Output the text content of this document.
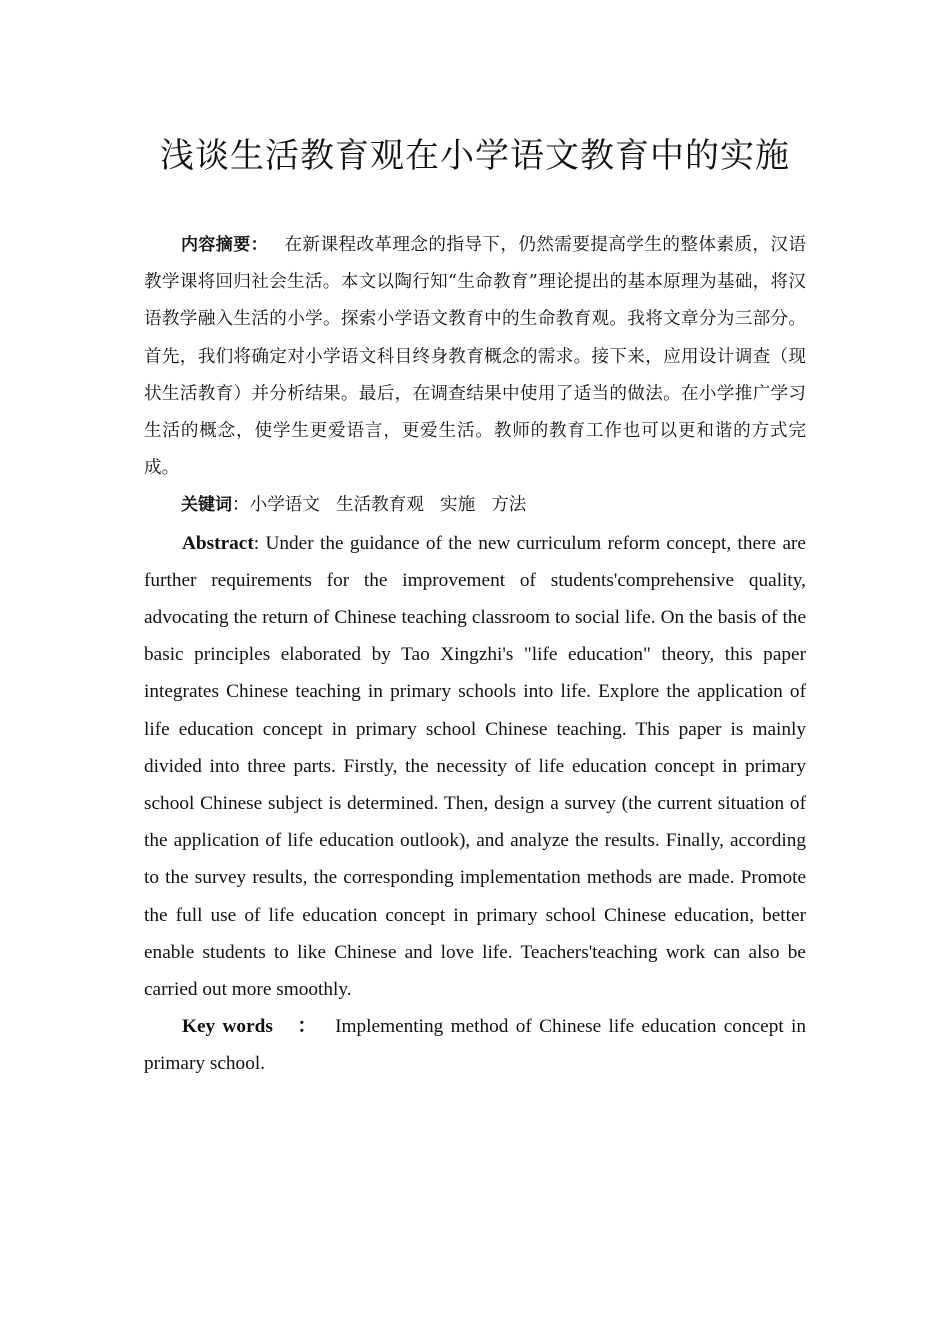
浅谈生活教育观在小学语文教育中的实施

内容摘要： 在新课程改革理念的指导下，仍然需要提高学生的整体素质，汉语教学课将回归社会生活。本文以陶行知“生命教育”理论提出的基本原理为基础，将汉语教学融入生活的小学。探索小学语文教育中的生命教育观。我将文章分为三部分。首先，我们将确定对小学语文科目终身教育概念的需求。接下来，应用设计调查（现状生活教育）并分析结果。最后，在调查结果中使用了适当的做法。在小学推广学习生活的概念，使学生更爱语言，更爱生活。教师的教育工作也可以更和谐的方式完成。

关键词：小学语文 生活教育观 实施 方法

Abstract: Under the guidance of the new curriculum reform concept, there are further requirements for the improvement of students'comprehensive quality, advocating the return of Chinese teaching classroom to social life. On the basis of the basic principles elaborated by Tao Xingzhi's "life education" theory, this paper integrates Chinese teaching in primary schools into life. Explore the application of life education concept in primary school Chinese teaching. This paper is mainly divided into three parts. Firstly, the necessity of life education concept in primary school Chinese subject is determined. Then, design a survey (the current situation of the application of life education outlook), and analyze the results. Finally, according to the survey results, the corresponding implementation methods are made. Promote the full use of life education concept in primary school Chinese education, better enable students to like Chinese and love life. Teachers'teaching work can also be carried out more smoothly.

Key words ： Implementing method of Chinese life education concept in primary school.
